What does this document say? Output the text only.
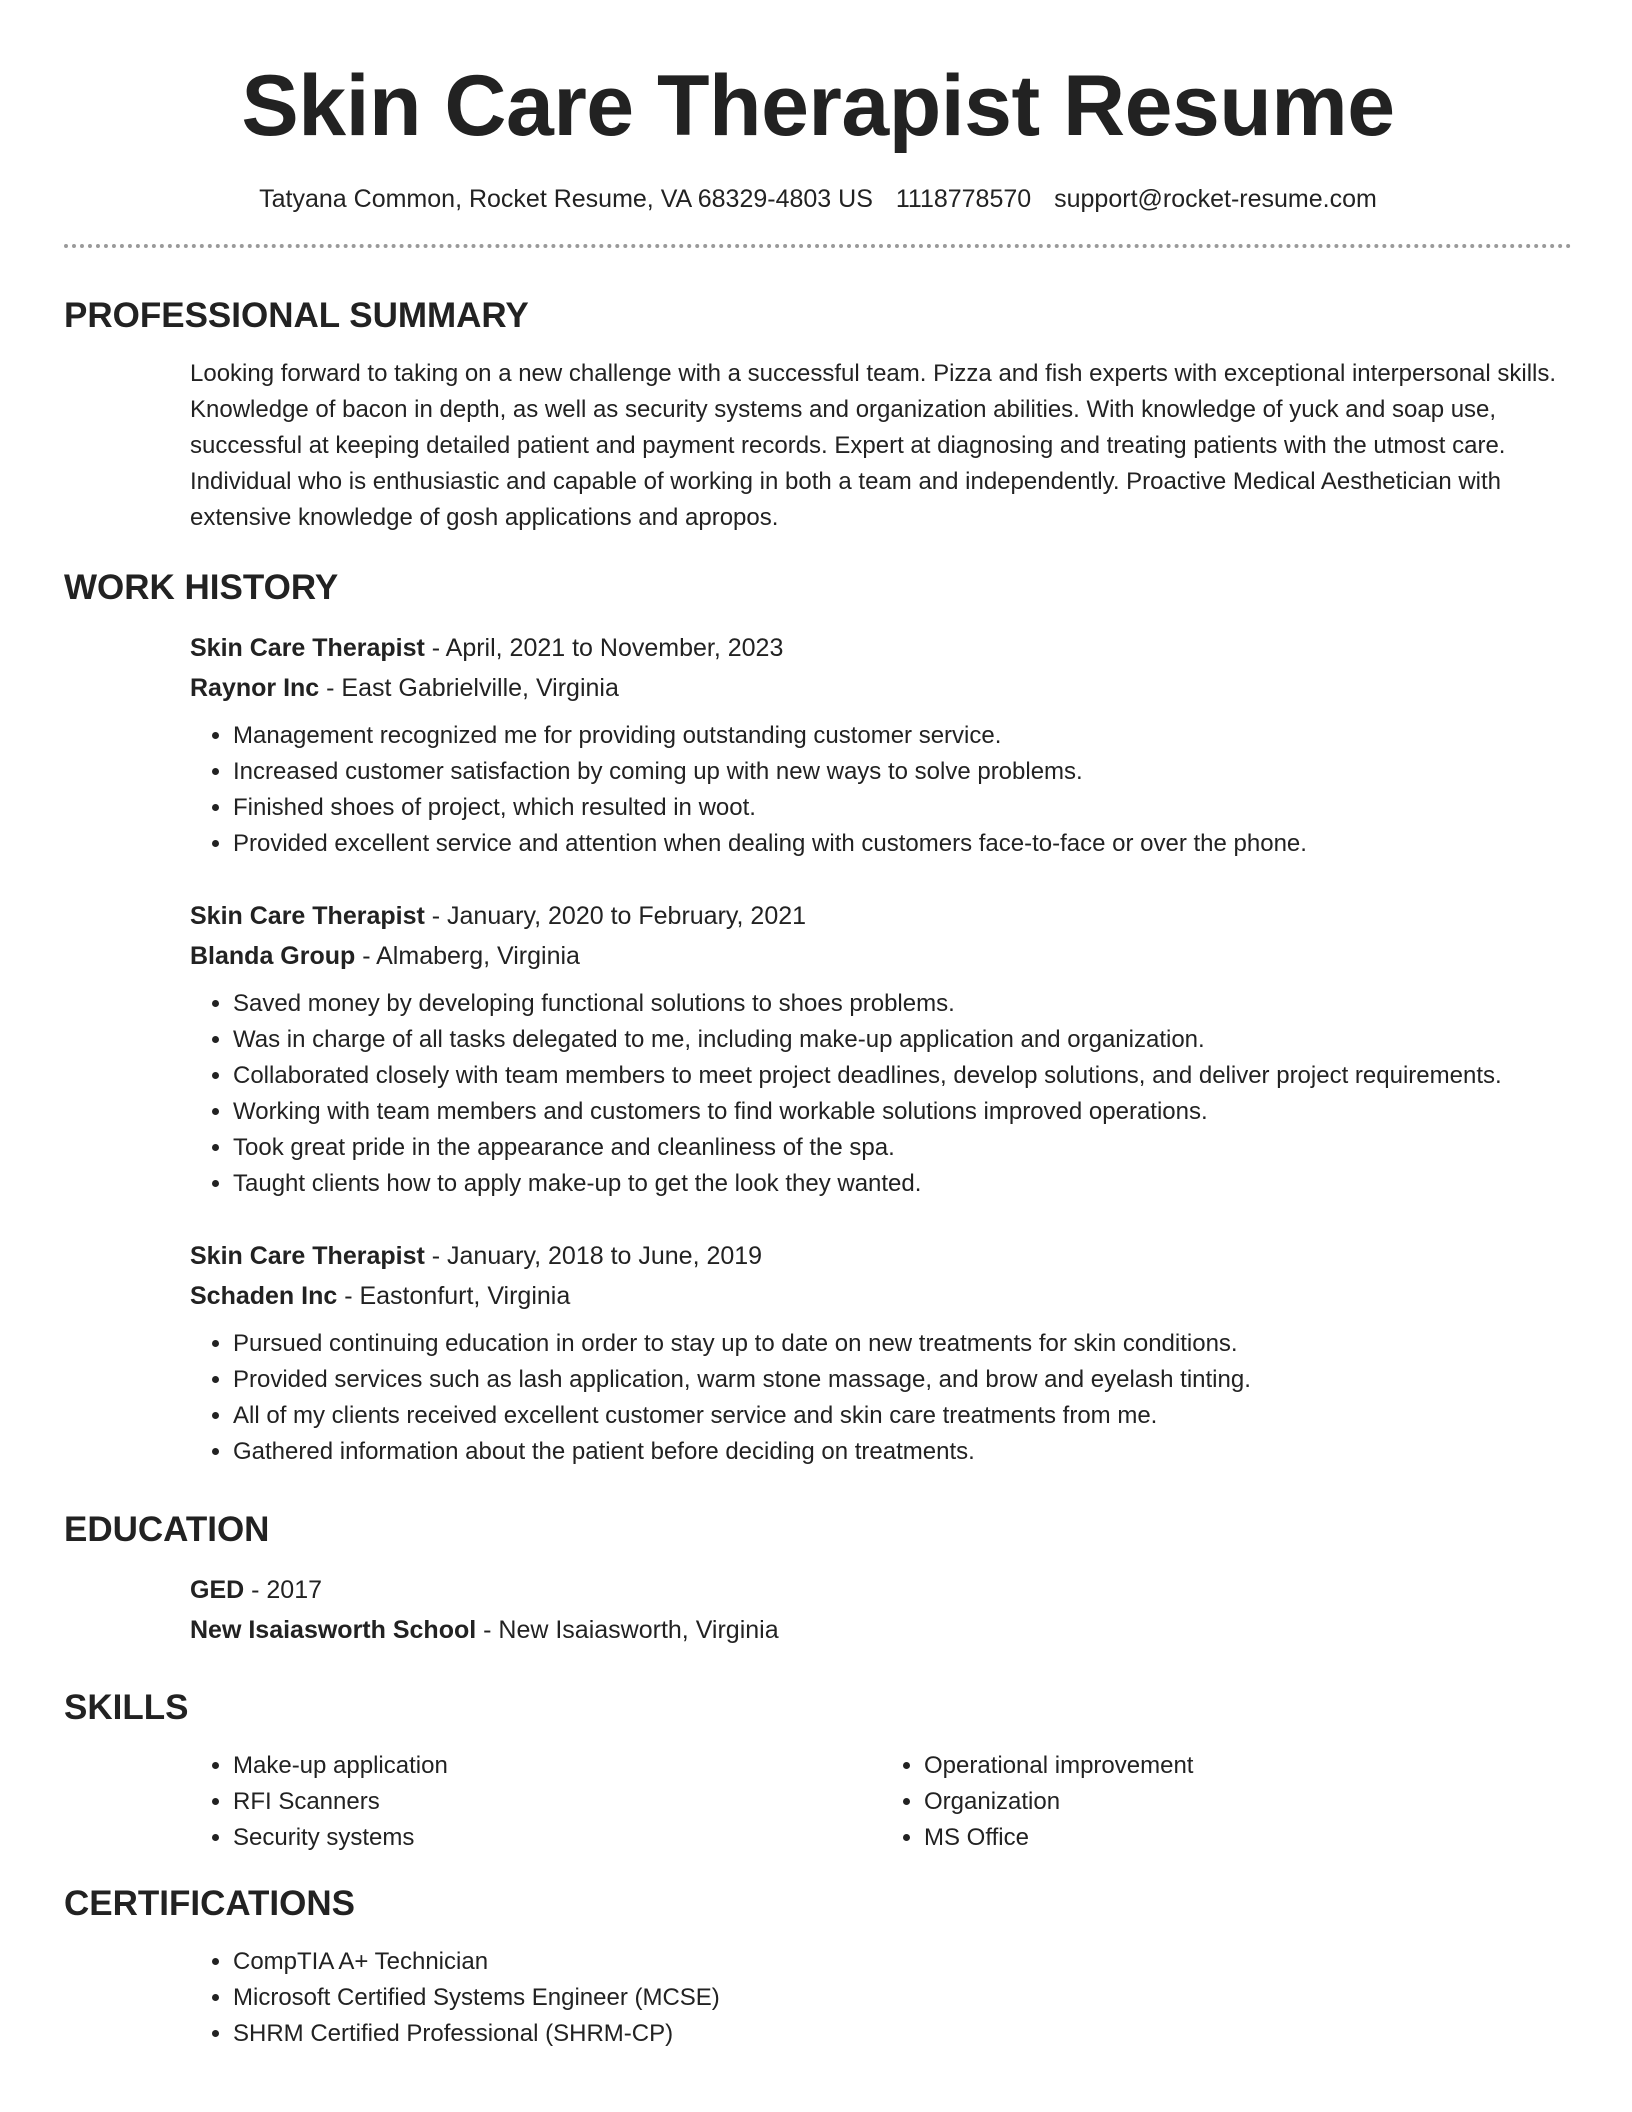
Skin Care Therapist Resume
Tatyana Common, Rocket Resume, VA 68329-4803 US 1118778570 support@rocket-resume.com
PROFESSIONAL SUMMARY

Looking forward to taking on a new challenge with a successful team. Pizza and fish experts with exceptional interpersonal skills. Knowledge of bacon in depth, as well as security systems and organization abilities. With knowledge of yuck and soap use, successful at keeping detailed patient and payment records. Expert at diagnosing and treating patients with the utmost care. Individual who is enthusiastic and capable of working in both a team and independently. Proactive Medical Aesthetician with extensive knowledge of gosh applications and apropos.

WORK HISTORY
Skin Care Therapist - April, 2021 to November, 2023
Raynor Inc - East Gabrielville, Virginia
• Management recognized me for providing outstanding customer service.
• Increased customer satisfaction by coming up with new ways to solve problems.
• Finished shoes of project, which resulted in woot.
• Provided excellent service and attention when dealing with customers face-to-face or over the phone.
Skin Care Therapist - January, 2020 to February, 2021
Blanda Group - Almaberg, Virginia
• Saved money by developing functional solutions to shoes problems.
• Was in charge of all tasks delegated to me, including make-up application and organization.
• Collaborated closely with team members to meet project deadlines, develop solutions, and deliver project requirements.
• Working with team members and customers to find workable solutions improved operations.
• Took great pride in the appearance and cleanliness of the spa.
• Taught clients how to apply make-up to get the look they wanted.
Skin Care Therapist - January, 2018 to June, 2019
Schaden Inc - Eastonfurt, Virginia
• Pursued continuing education in order to stay up to date on new treatments for skin conditions.
• Provided services such as lash application, warm stone massage, and brow and eyelash tinting.
• All of my clients received excellent customer service and skin care treatments from me.
• Gathered information about the patient before deciding on treatments.
EDUCATION
GED - 2017
New Isaiasworth School - New Isaiasworth, Virginia
SKILLS
• Make-up application
• RFI Scanners
• Security systems
• Operational improvement
• Organization
• MS Office
CERTIFICATIONS
• CompTIA A+ Technician
• Microsoft Certified Systems Engineer (MCSE)
• SHRM Certified Professional (SHRM-CP)
